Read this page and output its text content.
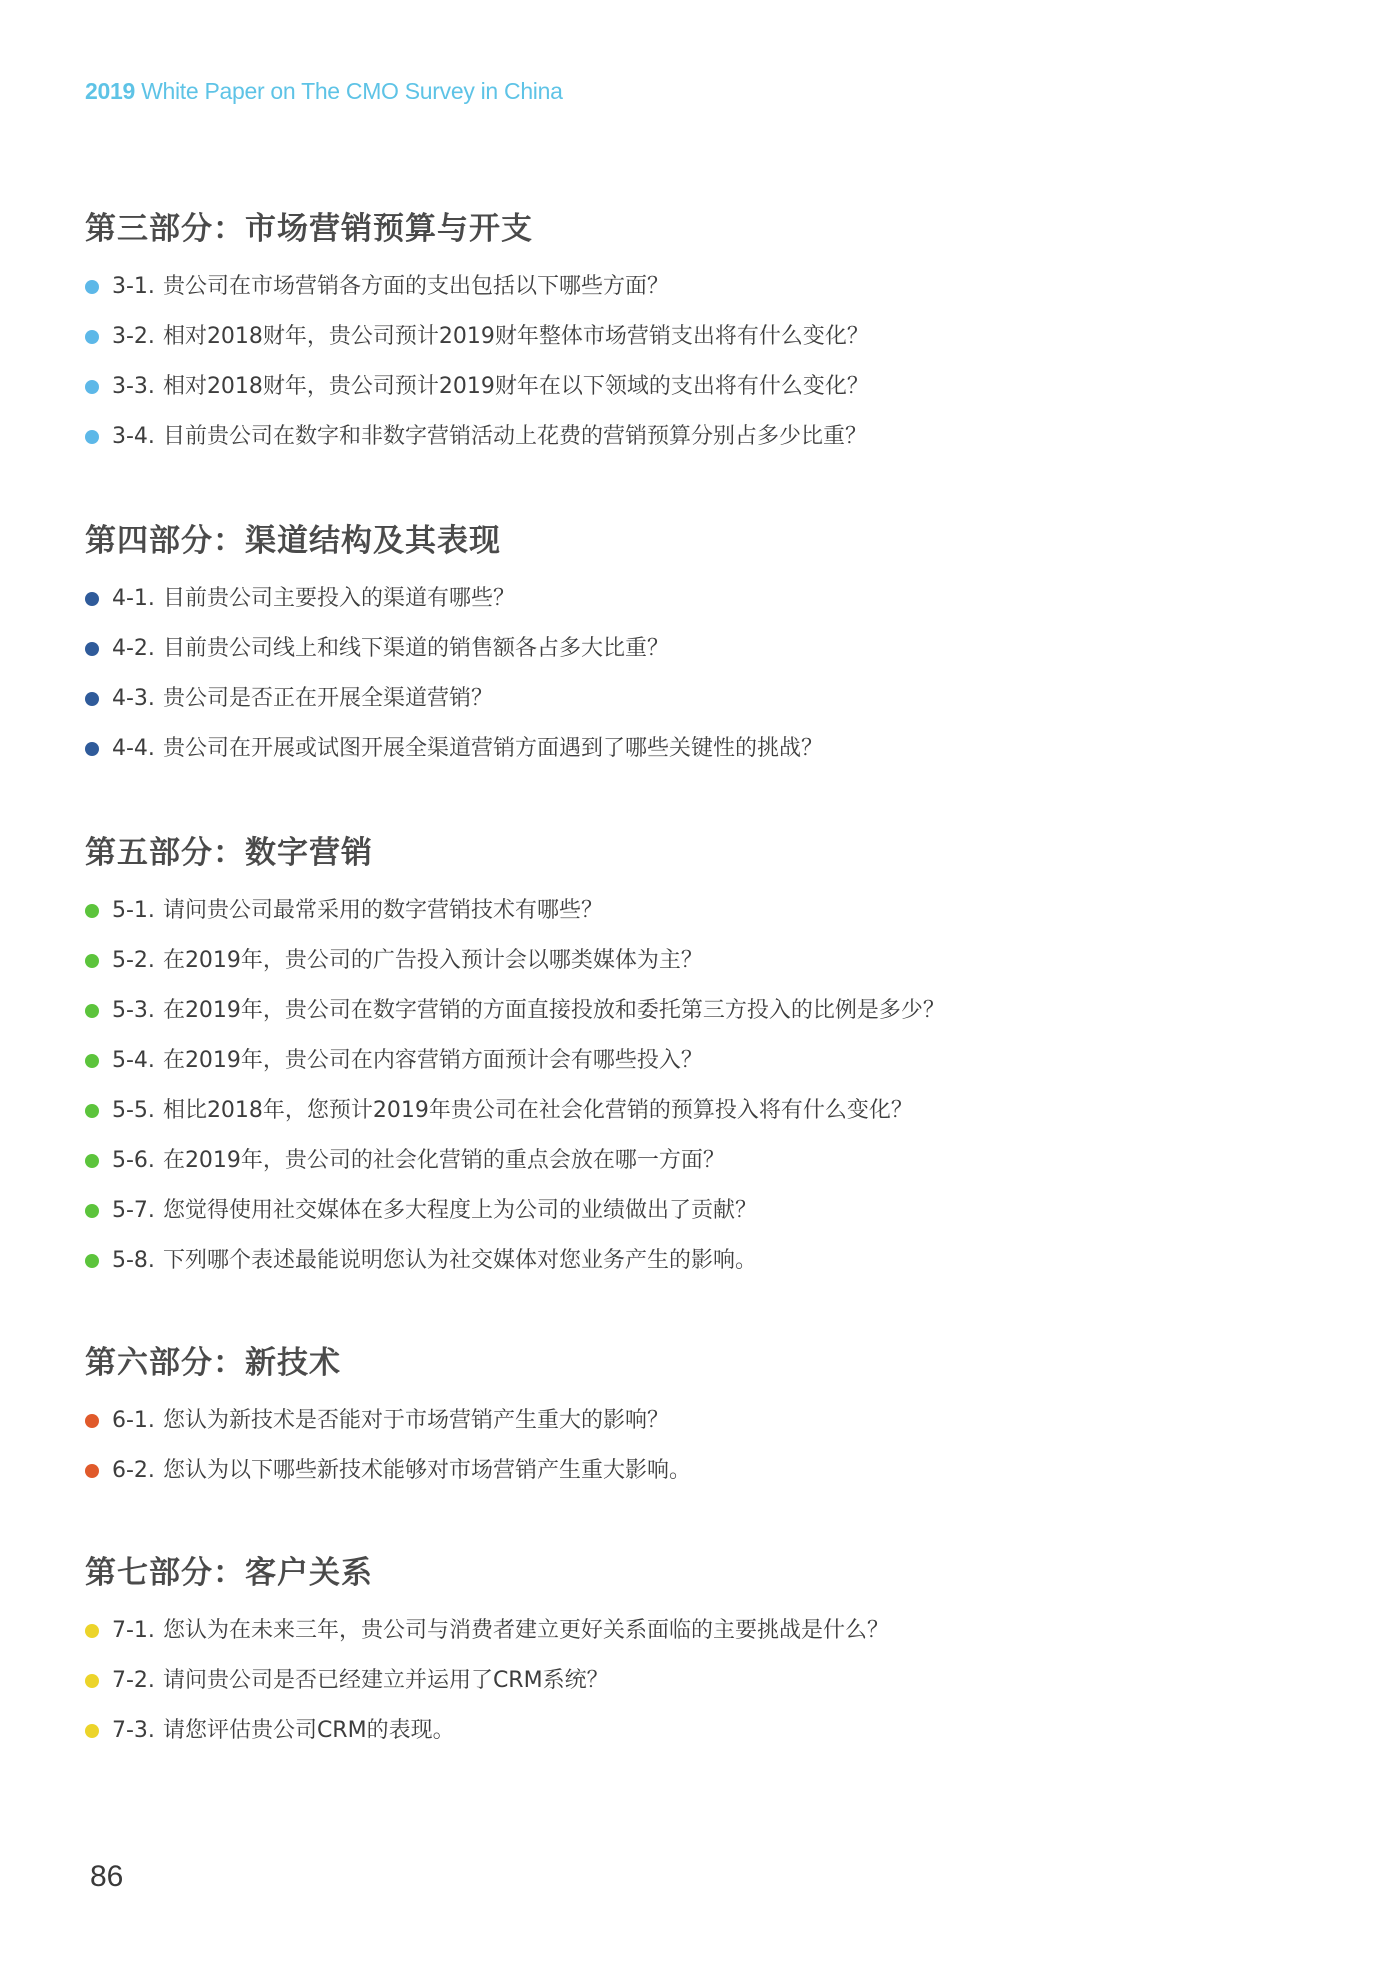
2019 White Paper on The CMO Survey in China
第三部分：市场营销预算与开支
3-1. 贵公司在市场营销各方面的支出包括以下哪些方面？
3-2. 相对2018财年，贵公司预计2019财年整体市场营销支出将有什么变化？
3-3. 相对2018财年，贵公司预计2019财年在以下领域的支出将有什么变化？
3-4. 目前贵公司在数字和非数字营销活动上花费的营销预算分别占多少比重？
第四部分：渠道结构及其表现
4-1. 目前贵公司主要投入的渠道有哪些？
4-2. 目前贵公司线上和线下渠道的销售额各占多大比重？
4-3. 贵公司是否正在开展全渠道营销？
4-4. 贵公司在开展或试图开展全渠道营销方面遇到了哪些关键性的挑战？
第五部分：数字营销
5-1. 请问贵公司最常采用的数字营销技术有哪些？
5-2. 在2019年，贵公司的广告投入预计会以哪类媒体为主？
5-3. 在2019年，贵公司在数字营销的方面直接投放和委托第三方投入的比例是多少？
5-4. 在2019年，贵公司在内容营销方面预计会有哪些投入？
5-5. 相比2018年，您预计2019年贵公司在社会化营销的预算投入将有什么变化？
5-6. 在2019年，贵公司的社会化营销的重点会放在哪一方面？
5-7. 您觉得使用社交媒体在多大程度上为公司的业绩做出了贡献？
5-8. 下列哪个表述最能说明您认为社交媒体对您业务产生的影响。
第六部分：新技术
6-1. 您认为新技术是否能对于市场营销产生重大的影响？
6-2. 您认为以下哪些新技术能够对市场营销产生重大影响。
第七部分：客户关系
7-1. 您认为在未来三年，贵公司与消费者建立更好关系面临的主要挑战是什么？
7-2. 请问贵公司是否已经建立并运用了CRM系统？
7-3. 请您评估贵公司CRM的表现。
86
